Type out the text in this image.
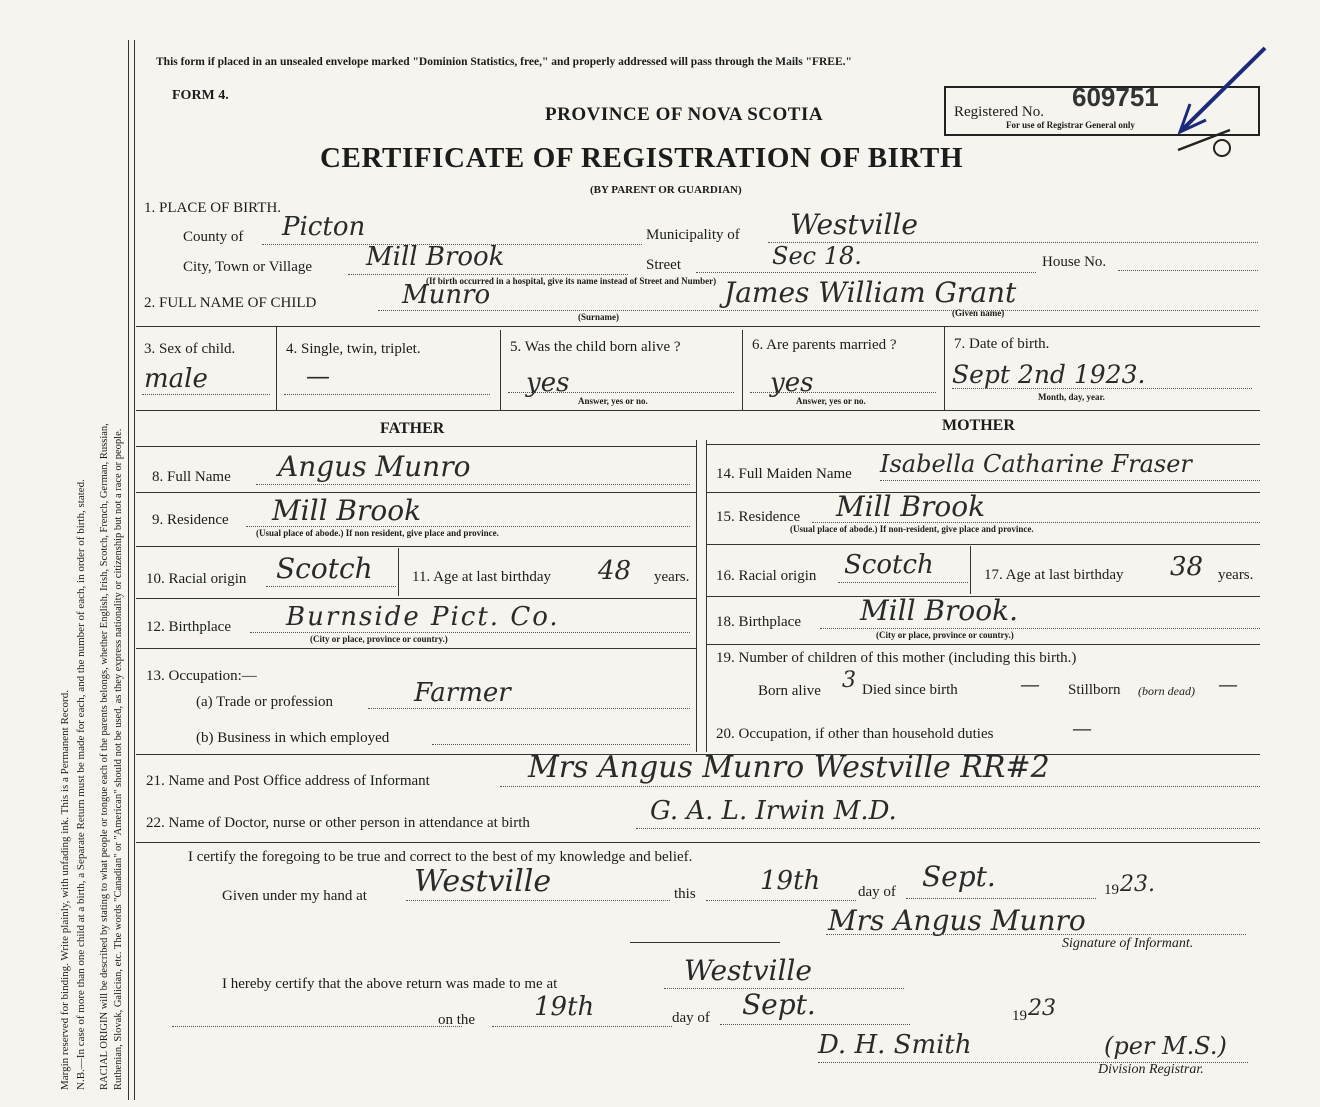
Margin reserved for binding. Write plainly, with unfading ink. This is a Permanent Record. N.B.—In case of more than one child at a birth, a Separate Return must be made for each, and the number of each, in order of birth, stated. RACIAL ORIGIN will be described by stating to what people or tongue each of the parents belongs, whether English, Irish, Scotch, French, German, Russian, Ruthenian, Slovak, Galician, etc. The words "Canadian" or "American" should not be used, as they express nationality or citizenship but not a race or people.
This form if placed in an unsealed envelope marked "Dominion Statistics, free," and properly addressed will pass through the Mails "FREE."
FORM 4.
PROVINCE OF NOVA SCOTIA
CERTIFICATE OF REGISTRATION OF BIRTH
(BY PARENT OR GUARDIAN)
Registered No. 609751
For use of Registrar General only
1. PLACE OF BIRTH.
County of Picton	Municipality of Westville
City, Town or Village Mill Brook	Street	Sec 18.	House No.
(If birth occurred in a hospital, give its name instead of Street and Number)
2. FULL NAME OF CHILD	Munro	James William Grant
(Surname)	(Given name)
3. Sex of child.
male
4. Single, twin, triplet.
—
5. Was the child born alive ?
yes
Answer, yes or no.
6. Are parents married ?
yes
Answer, yes or no.
7. Date of birth.
Sept 2nd 1923.
Month, day, year.
FATHER	MOTHER
8. Full Name Angus Munro
9. Residence Mill Brook
(Usual place of abode.) If non resident, give place and province.
10. Racial origin Scotch	11. Age at last birthday 48 years.
12. Birthplace Burnside Pict. Co.
(City or place, province or country.)
13. Occupation:—
(a) Trade or profession	Farmer
(b) Business in which employed
14. Full Maiden Name Isabella Catharine Fraser
15. Residence Mill Brook
(Usual place of abode.) If non-resident, give place and province.
16. Racial origin Scotch	17. Age at last birthday 38 years.
18. Birthplace Mill Brook.
(City or place, province or country.)
19. Number of children of this mother (including this birth.)
Born alive 3 Died since birth	— Stillborn (born dead) —
20. Occupation, if other than household duties	—
21. Name and Post Office address of Informant	Mrs Angus Munro Westville RR#2
22. Name of Doctor, nurse or other person in attendance at birth	G. A. L. Irwin M.D.
I certify the foregoing to be true and correct to the best of my knowledge and belief.
Given under my hand at Westville	this 19th	day of Sept.	19 23.
Mrs Angus Munro
Signature of Informant.
I hereby certify that the above return was made to me at	Westville
on the 19th	day of Sept.	19 23
D. H. Smith	(per M.S.)
Division Registrar.
